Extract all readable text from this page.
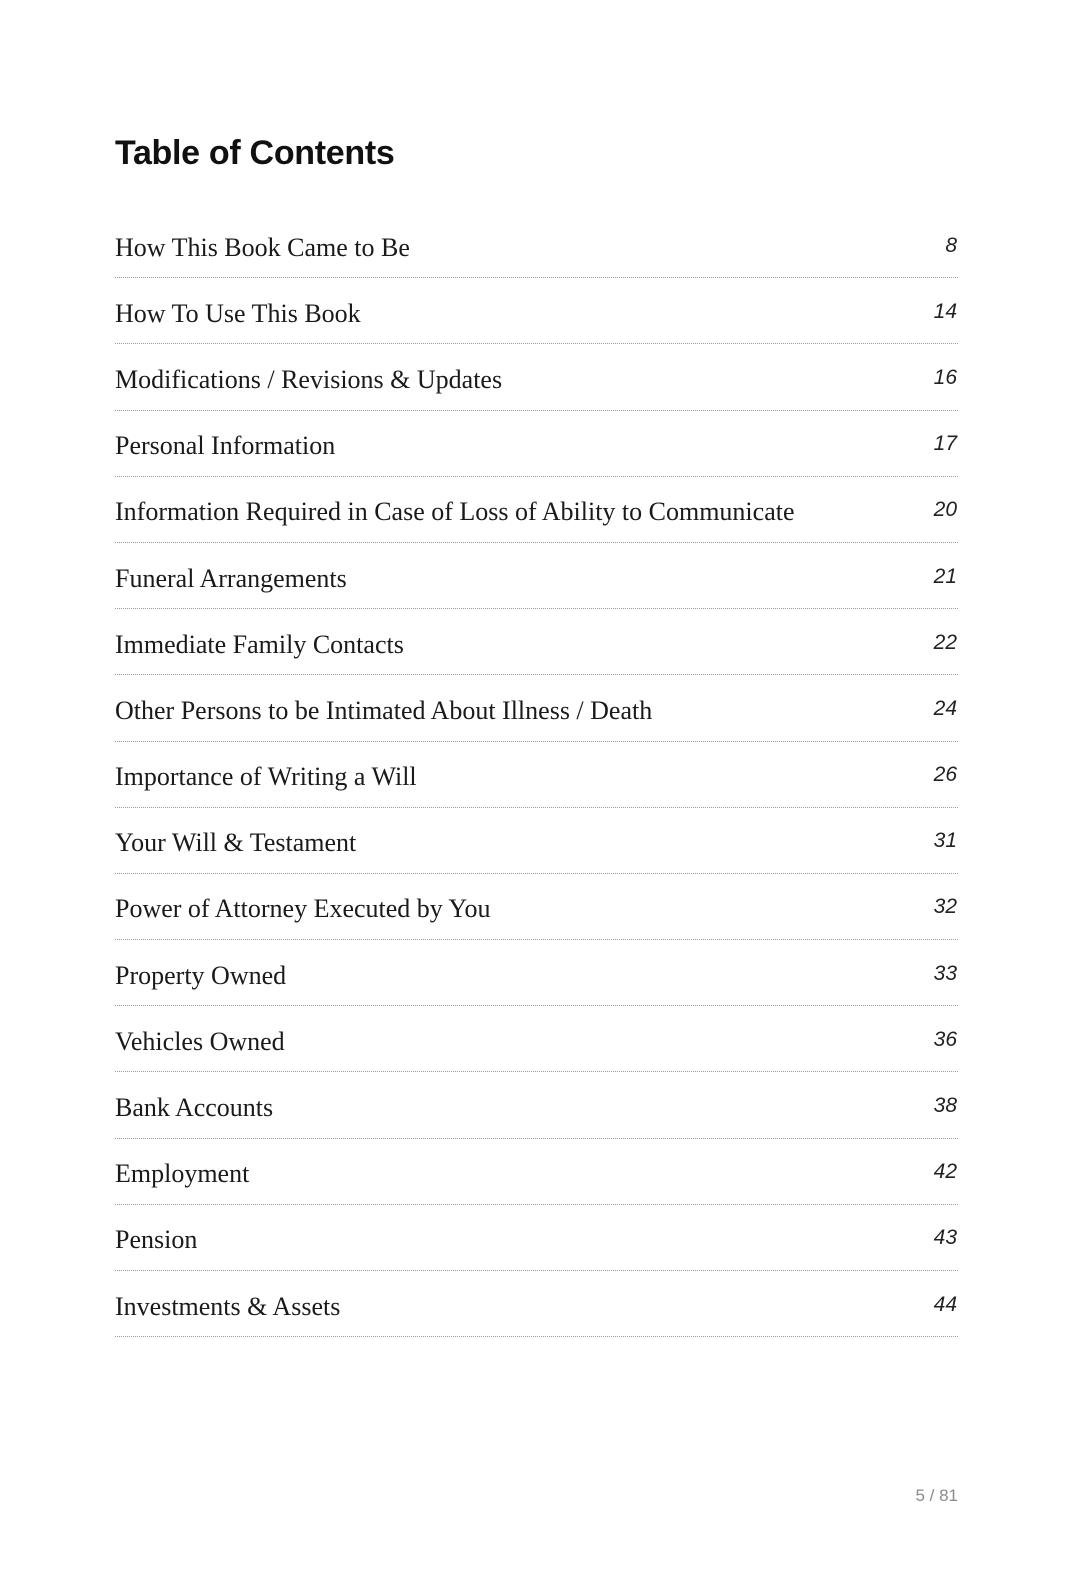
Table of Contents
How This Book Came to Be	8
How To Use This Book	14
Modifications / Revisions & Updates	16
Personal Information	17
Information Required in Case of Loss of Ability to Communicate	20
Funeral Arrangements	21
Immediate Family Contacts	22
Other Persons to be Intimated About Illness / Death	24
Importance of Writing a Will	26
Your Will & Testament	31
Power of Attorney Executed by You	32
Property Owned	33
Vehicles Owned	36
Bank Accounts	38
Employment	42
Pension	43
Investments & Assets	44
5 / 81
